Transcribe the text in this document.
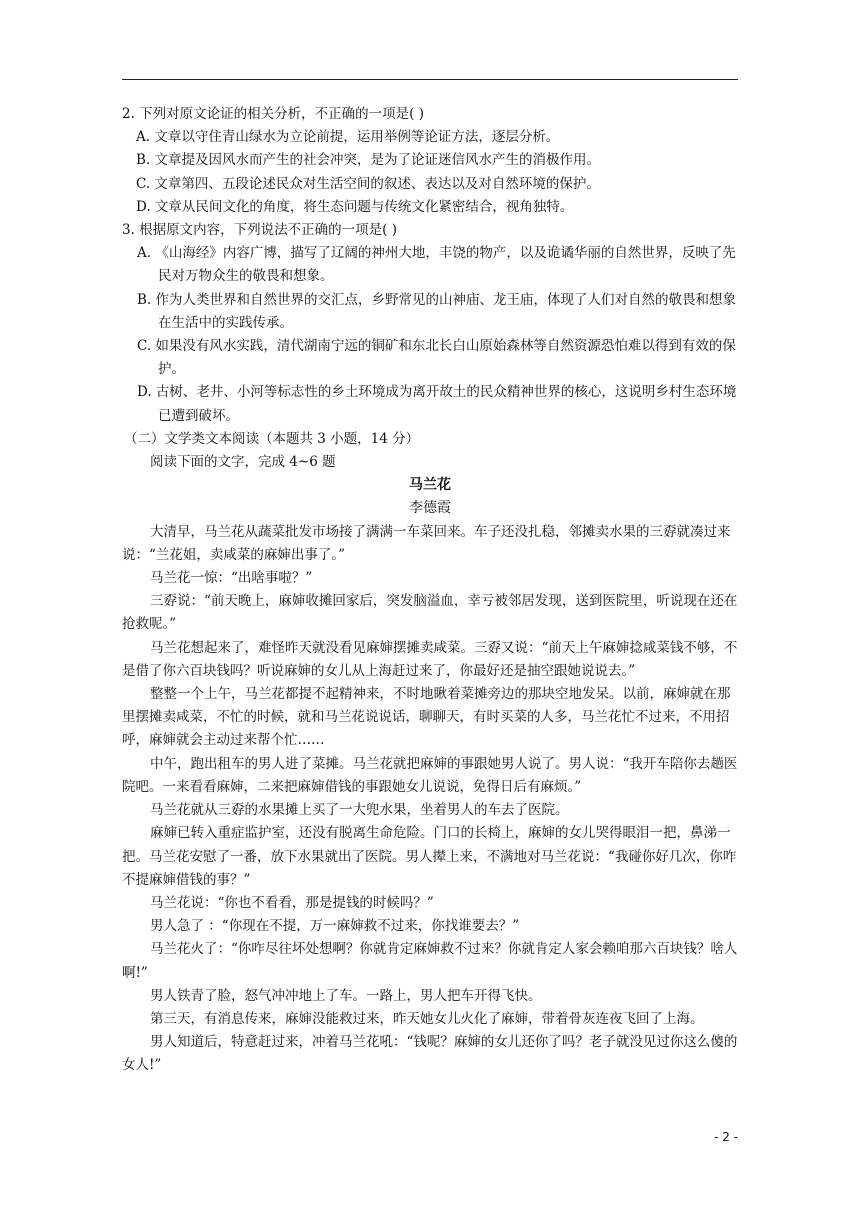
2. 下列对原文论证的相关分析，不正确的一项是( )

A. 文章以守住青山绿水为立论前提，运用举例等论证方法，逐层分析。

B. 文章提及因风水而产生的社会冲突，是为了论证迷信风水产生的消极作用。

C. 文章第四、五段论述民众对生活空间的叙述、表达以及对自然环境的保护。

D. 文章从民间文化的角度，将生态问题与传统文化紧密结合，视角独特。

3. 根据原文内容，下列说法不正确的一项是( )

A. 《山海经》内容广博，描写了辽阔的神州大地，丰饶的物产，以及诡谲华丽的自然世界，反映了先民对万物众生的敬畏和想象。

B. 作为人类世界和自然世界的交汇点，乡野常见的山神庙、龙王庙，体现了人们对自然的敬畏和想象在生活中的实践传承。

C. 如果没有风水实践，清代湖南宁远的铜矿和东北长白山原始森林等自然资源恐怕难以得到有效的保护。

D. 古树、老井、小河等标志性的乡土环境成为离开故土的民众精神世界的核心，这说明乡村生态环境已遭到破坏。

（二）文学类文本阅读（本题共 3 小题，14 分）

阅读下面的文字，完成 4~6 题

马兰花

李德霞

大清早，马兰花从蔬菜批发市场接了满满一车菜回来。车子还没扎稳，邻摊卖水果的三孬就凑过来说：“兰花姐，卖咸菜的麻婶出事了。”

马兰花一惊：“出啥事啦？”

三孬说：“前天晚上，麻婶收摊回家后，突发脑溢血，幸亏被邻居发现，送到医院里，听说现在还在抢救呢。”

马兰花想起来了，难怪昨天就没看见麻婶摆摊卖咸菜。三孬又说：“前天上午麻婶捻咸菜钱不够，不是借了你六百块钱吗？听说麻婶的女儿从上海赶过来了，你最好还是抽空跟她说说去。”

整整一个上午，马兰花都提不起精神来，不时地瞅着菜摊旁边的那块空地发呆。以前，麻婶就在那里摆摊卖咸菜，不忙的时候，就和马兰花说说话，聊聊天，有时买菜的人多，马兰花忙不过来，不用招呼，麻婶就会主动过来帮个忙……

中午，跑出租车的男人进了菜摊。马兰花就把麻婶的事跟她男人说了。男人说：“我开车陪你去趟医院吧。一来看看麻婶，二来把麻婶借钱的事跟她女儿说说，免得日后有麻烦。”

马兰花就从三孬的水果摊上买了一大兜水果，坐着男人的车去了医院。

麻婶已转入重症监护室，还没有脱离生命危险。门口的长椅上，麻婶的女儿哭得眼泪一把，鼻涕一把。马兰花安慰了一番，放下水果就出了医院。男人撵上来，不满地对马兰花说：“我碰你好几次，你咋不提麻婶借钱的事？”

马兰花说：“你也不看看，那是提钱的时候吗？”

男人急了 ：“你现在不提，万一麻婶救不过来，你找谁要去？”

马兰花火了：“你咋尽往坏处想啊？你就肯定麻婶救不过来？你就肯定人家会赖咱那六百块钱？啥人啊!”

男人铁青了脸，怒气冲冲地上了车。一路上，男人把车开得飞快。

第三天，有消息传来，麻婶没能救过来，昨天她女儿火化了麻婶，带着骨灰连夜飞回了上海。

男人知道后，特意赶过来，冲着马兰花吼：“钱呢？麻婶的女儿还你了吗？老子就没见过你这么傻的女人!”

- 2 -
